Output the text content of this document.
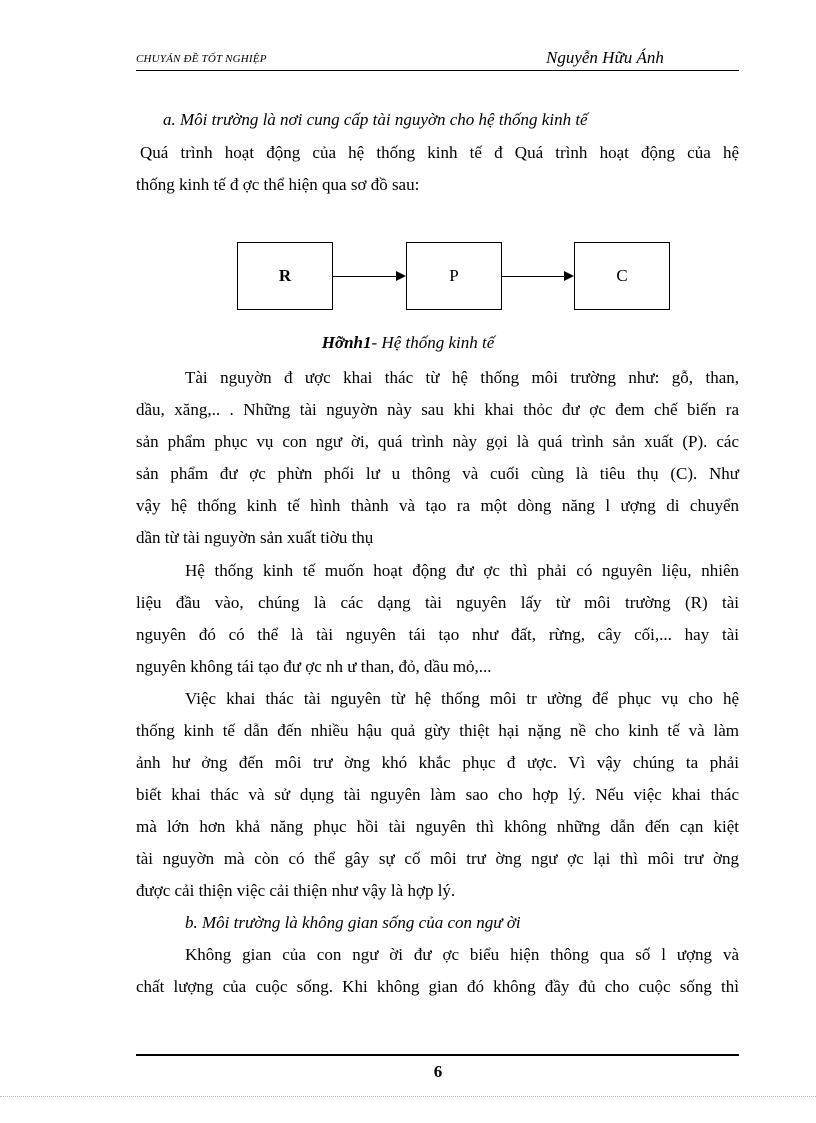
CHUYÁN ĐỀ TỐT NGHIỆP	Nguyễn Hữu Ánh
a. Môi trường là nơi cung cấp tài nguyờn cho hệ thống kinh tế
Quá trình hoạt động của hệ thống kinh tế đ Quá trình hoạt động của hệ
thống kinh tế đ ợc thể hiện qua sơ đồ sau:
R	P	C
Hỡnh1- Hệ thống kinh tế
Tài nguyờn đ ược khai thác từ hệ thống môi trường như: gỗ, than,
dầu, xăng,.. . Những tài nguyờn này sau khi khai thỏc đư ợc đem chế biến ra
sản phẩm phục vụ con ngư ời, quá trình này gọi là quá trình sản xuất (P). các
sản phẩm đư ợc phừn phối lư u thông và cuối cùng là tiêu thụ (C). Như
vậy hệ thống kinh tế hình thành và tạo ra một dòng năng l ượng di chuyển
dần từ tài nguyờn sản xuất tiờu thụ
Hệ thống kinh tế muốn hoạt động đư ợc thì phải có nguyên liệu, nhiên
liệu đầu vào, chúng là các dạng tài nguyên lấy từ môi trường (R) tài
nguyên đó có thể là tài nguyên tái tạo như đất, rừng, cây cối,... hay tài
nguyên không tái tạo đư ợc nh ư than, đỏ, dầu mỏ,...
Việc khai thác tài nguyên từ hệ thống môi tr ường để phục vụ cho hệ
thống kinh tế dẫn đến nhiều hậu quả gừy thiệt hại nặng nề cho kinh tế và làm
ảnh hư ởng đến môi trư ờng khó khắc phục đ ược. Vì vậy chúng ta phải
biết khai thác và sử dụng tài nguyên làm sao cho hợp lý. Nếu việc khai thác
mà lớn hơn khả năng phục hồi tài nguyên thì không những dẫn đến cạn kiệt
tài nguyờn mà còn có thể gây sự cố môi trư ờng ngư ợc lại thì môi trư ờng
được cải thiện việc cải thiện như vậy là hợp lý.
b. Môi trường là không gian sống của con ngư ời
Không gian của con ngư ời đư ợc biểu hiện thông qua số l ượng và
chất lượng của cuộc sống. Khi không gian đó không đầy đủ cho cuộc sống thì
6
